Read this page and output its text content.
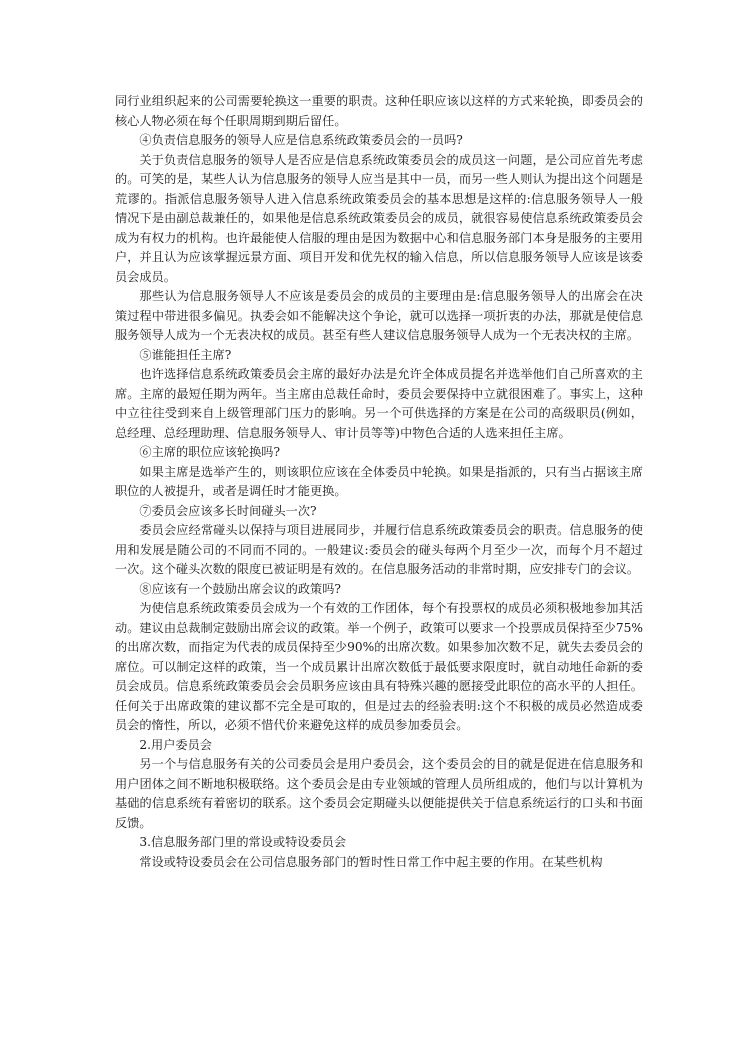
同行业组织起来的公司需要轮换这一重要的职责。这种任职应该以这样的方式来轮换，即委员会的核心人物必须在每个任职周期到期后留任。

④负责信息服务的领导人应是信息系统政策委员会的一员吗?

关于负责信息服务的领导人是否应是信息系统政策委员会的成员这一问题，是公司应首先考虑的。可笑的是，某些人认为信息服务的领导人应当是其中一员，而另一些人则认为提出这个问题是荒谬的。指派信息服务领导人进入信息系统政策委员会的基本思想是这样的:信息服务领导人一般情况下是由副总裁兼任的，如果他是信息系统政策委员会的成员，就很容易使信息系统政策委员会成为有权力的机构。也许最能使人信服的理由是因为数据中心和信息服务部门本身是服务的主要用户，并且认为应该掌握远景方面、项目开发和优先权的输入信息，所以信息服务领导人应该是该委员会成员。

那些认为信息服务领导人不应该是委员会的成员的主要理由是:信息服务领导人的出席会在决策过程中带进很多偏见。执委会如不能解决这个争论，就可以选择一项折衷的办法，那就是使信息服务领导人成为一个无表决权的成员。甚至有些人建议信息服务领导人成为一个无表决权的主席。

⑤谁能担任主席?

也许选择信息系统政策委员会主席的最好办法是允许全体成员提名并选举他们自己所喜欢的主席。主席的最短任期为两年。当主席由总裁任命时，委员会要保持中立就很困难了。事实上，这种中立往往受到来自上级管理部门压力的影响。另一个可供选择的方案是在公司的高级职员(例如，总经理、总经理助理、信息服务领导人、审计员等等)中物色合适的人选来担任主席。

⑥主席的职位应该轮换吗?

如果主席是选举产生的，则该职位应该在全体委员中轮换。如果是指派的，只有当占据该主席职位的人被提升，或者是调任时才能更换。

⑦委员会应该多长时间碰头一次?

委员会应经常碰头以保持与项目进展同步，并履行信息系统政策委员会的职责。信息服务的使用和发展是随公司的不同而不同的。一般建议:委员会的碰头每两个月至少一次，而每个月不超过一次。这个碰头次数的限度已被证明是有效的。在信息服务活动的非常时期，应安排专门的会议。

⑧应该有一个鼓励出席会议的政策吗?

为使信息系统政策委员会成为一个有效的工作团体，每个有投票权的成员必须积极地参加其活动。建议由总裁制定鼓励出席会议的政策。举一个例子，政策可以要求一个投票成员保持至少75%的出席次数，而指定为代表的成员保持至少90%的出席次数。如果参加次数不足，就失去委员会的席位。可以制定这样的政策，当一个成员累计出席次数低于最低要求限度时，就自动地任命新的委员会成员。信息系统政策委员会会员职务应该由具有特殊兴趣的愿接受此职位的高水平的人担任。任何关于出席政策的建议都不完全是可取的，但是过去的经验表明:这个不积极的成员必然造成委员会的惰性，所以，必须不惜代价来避免这样的成员参加委员会。

2.用户委员会

另一个与信息服务有关的公司委员会是用户委员会，这个委员会的目的就是促进在信息服务和用户团体之间不断地积极联络。这个委员会是由专业领域的管理人员所组成的，他们与以计算机为基础的信息系统有着密切的联系。这个委员会定期碰头以便能提供关于信息系统运行的口头和书面反馈。

3.信息服务部门里的常设或特设委员会

常设或特设委员会在公司信息服务部门的暂时性日常工作中起主要的作用。在某些机构
